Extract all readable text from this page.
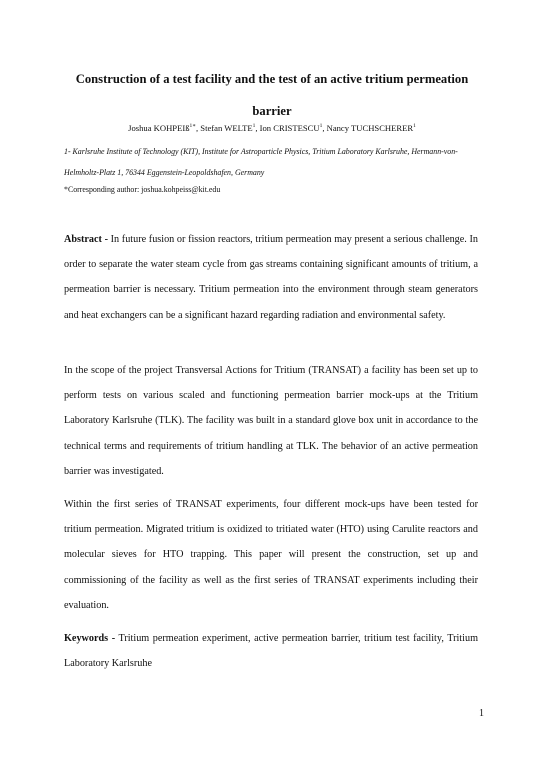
Construction of a test facility and the test of an active tritium permeation barrier
Joshua KOHPEIß$^{1∗}$, Stefan WELTE$^1$, Ion CRISTESCU$^1$, Nancy TUCHSCHERER$^1$
1- Karlsruhe Institute of Technology (KIT), Institute for Astroparticle Physics, Tritium Laboratory Karlsruhe, Hermann-von-Helmholtz-Platz 1, 76344 Eggenstein-Leopoldshafen, Germany
*Corresponding author: joshua.kohpeiss@kit.edu
Abstract - In future fusion or fission reactors, tritium permeation may present a serious challenge. In order to separate the water steam cycle from gas streams containing significant amounts of tritium, a permeation barrier is necessary. Tritium permeation into the environment through steam generators and heat exchangers can be a significant hazard regarding radiation and environmental safety.
In the scope of the project Transversal Actions for Tritium (TRANSAT) a facility has been set up to perform tests on various scaled and functioning permeation barrier mock-ups at the Tritium Laboratory Karlsruhe (TLK). The facility was built in a standard glove box unit in accordance to the technical terms and requirements of tritium handling at TLK. The behavior of an active permeation barrier was investigated.
Within the first series of TRANSAT experiments, four different mock-ups have been tested for tritium permeation. Migrated tritium is oxidized to tritiated water (HTO) using Carulite reactors and molecular sieves for HTO trapping. This paper will present the construction, set up and commissioning of the facility as well as the first series of TRANSAT experiments including their evaluation.
Keywords - Tritium permeation experiment, active permeation barrier, tritium test facility, Tritium Laboratory Karlsruhe
1
